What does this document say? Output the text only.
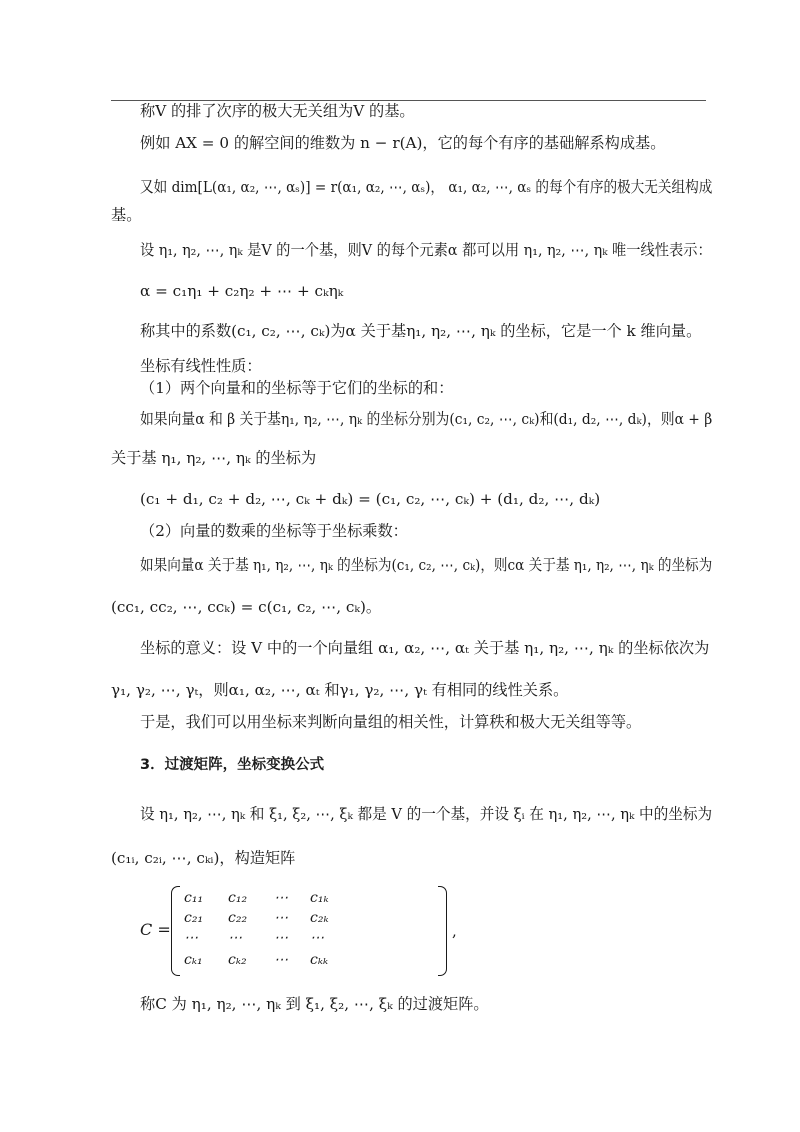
称V 的排了次序的极大无关组为V 的基。
例如 AX = 0 的解空间的维数为 n − r(A)，它的每个有序的基础解系构成基。
又如 dim[L(α₁, α₂, ⋯, αₛ)] = r(α₁, α₂, ⋯, αₛ)， α₁, α₂, ⋯, αₛ 的每个有序的极大无关组构成
基。
设 η₁, η₂, ⋯, ηₖ 是V 的一个基，则V 的每个元素α 都可以用 η₁, η₂, ⋯, ηₖ 唯一线性表示：
α = c₁η₁ + c₂η₂ + ⋯ + cₖηₖ
称其中的系数(c₁, c₂, ⋯, cₖ)为α 关于基η₁, η₂, ⋯, ηₖ 的坐标，它是一个 k 维向量。
坐标有线性性质：
（1）两个向量和的坐标等于它们的坐标的和：
如果向量α 和 β 关于基η₁, η₂, ⋯, ηₖ 的坐标分别为(c₁, c₂, ⋯, cₖ)和(d₁, d₂, ⋯, dₖ)，则α + β
关于基 η₁, η₂, ⋯, ηₖ 的坐标为
(c₁ + d₁, c₂ + d₂, ⋯, cₖ + dₖ) = (c₁, c₂, ⋯, cₖ) + (d₁, d₂, ⋯, dₖ)
（2）向量的数乘的坐标等于坐标乘数：
如果向量α 关于基 η₁, η₂, ⋯, ηₖ 的坐标为(c₁, c₂, ⋯, cₖ)，则cα 关于基 η₁, η₂, ⋯, ηₖ 的坐标为
(cc₁, cc₂, ⋯, ccₖ) = c(c₁, c₂, ⋯, cₖ)。
坐标的意义：设 V 中的一个向量组 α₁, α₂, ⋯, αₜ 关于基 η₁, η₂, ⋯, ηₖ 的坐标依次为
γ₁, γ₂, ⋯, γₜ，则α₁, α₂, ⋯, αₜ 和γ₁, γ₂, ⋯, γₜ 有相同的线性关系。
于是，我们可以用坐标来判断向量组的相关性，计算秩和极大无关组等等。
3．过渡矩阵，坐标变换公式
设 η₁, η₂, ⋯, ηₖ 和 ξ₁, ξ₂, ⋯, ξₖ 都是 V 的一个基，并设 ξᵢ 在 η₁, η₂, ⋯, ηₖ 中的坐标为
(c₁ᵢ, c₂ᵢ, ⋯, cₖᵢ)，构造矩阵
C =
c₁₁ c₁₂ ⋯ c₁ₖ
c₂₁ c₂₂ ⋯ c₂ₖ
⋯ ⋯ ⋯ ⋯
cₖ₁ cₖ₂ ⋯ cₖₖ
,
称C 为 η₁, η₂, ⋯, ηₖ 到 ξ₁, ξ₂, ⋯, ξₖ 的过渡矩阵。
